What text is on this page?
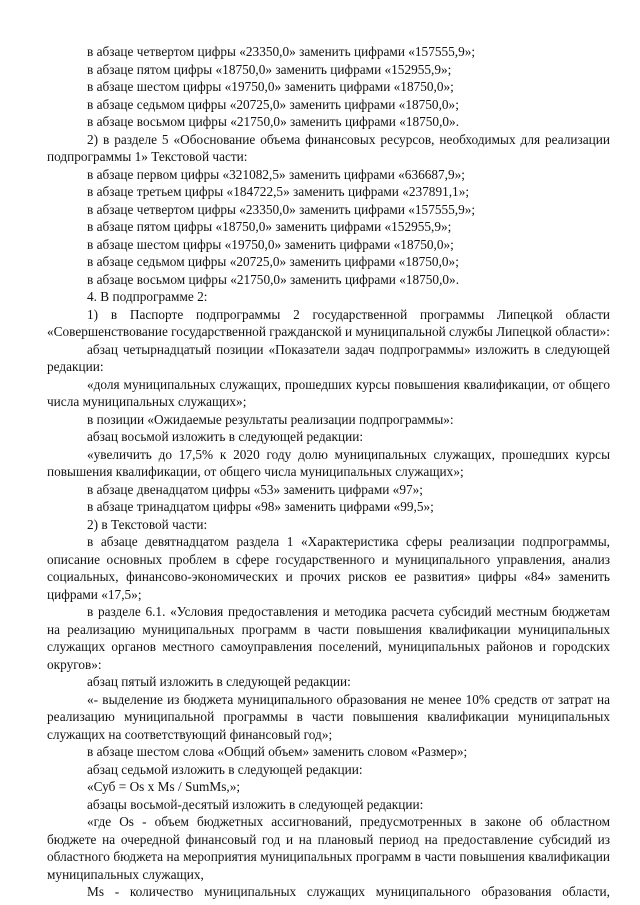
в абзаце четвертом цифры «23350,0» заменить цифрами «157555,9»;

в абзаце пятом цифры «18750,0» заменить цифрами «152955,9»;

в абзаце шестом цифры «19750,0» заменить цифрами «18750,0»;

в абзаце седьмом цифры «20725,0» заменить цифрами «18750,0»;

в абзаце восьмом цифры «21750,0» заменить цифрами «18750,0».

2) в разделе 5 «Обоснование объема финансовых ресурсов, необходимых для реализации подпрограммы 1» Текстовой части:

в абзаце первом цифры «321082,5» заменить цифрами «636687,9»;

в абзаце третьем цифры «184722,5» заменить цифрами «237891,1»;

в абзаце четвертом цифры «23350,0» заменить цифрами «157555,9»;

в абзаце пятом цифры «18750,0» заменить цифрами «152955,9»;

в абзаце шестом цифры «19750,0» заменить цифрами «18750,0»;

в абзаце седьмом цифры «20725,0» заменить цифрами «18750,0»;

в абзаце восьмом цифры «21750,0» заменить цифрами «18750,0».

4. В подпрограмме 2:

1) в Паспорте подпрограммы 2 государственной программы Липецкой области «Совершенствование государственной гражданской и муниципальной службы Липецкой области»:

абзац четырнадцатый позиции «Показатели задач подпрограммы» изложить в следующей редакции:

«доля муниципальных служащих, прошедших курсы повышения квалификации, от общего числа муниципальных служащих»;

в позиции «Ожидаемые результаты реализации подпрограммы»:

абзац восьмой изложить в следующей редакции:

«увеличить до 17,5% к 2020 году долю муниципальных служащих, прошедших курсы повышения квалификации, от общего числа муниципальных служащих»;

в абзаце двенадцатом цифры «53» заменить цифрами «97»;

в абзаце тринадцатом цифры «98» заменить цифрами «99,5»;

2) в Текстовой части:

в абзаце девятнадцатом раздела 1 «Характеристика сферы реализации подпрограммы, описание основных проблем в сфере государственного и муниципального управления, анализ социальных, финансово-экономических и прочих рисков ее развития» цифры «84» заменить цифрами «17,5»;

в разделе 6.1. «Условия предоставления и методика расчета субсидий местным бюджетам на реализацию муниципальных программ в части повышения квалификации муниципальных служащих органов местного самоуправления поселений, муниципальных районов и городских округов»:

абзац пятый изложить в следующей редакции:

«- выделение из бюджета муниципального образования не менее 10% средств от затрат на реализацию муниципальной программы в части повышения квалификации муниципальных служащих на соответствующий финансовый год»;

в абзаце шестом слова «Общий объем» заменить словом «Размер»;

абзац седьмой изложить в следующей редакции:

«Суб = Os x Ms / SumMs,»;

абзацы восьмой-десятый изложить в следующей редакции:

«где Os - объем бюджетных ассигнований, предусмотренных в законе об областном бюджете на очередной финансовый год и на плановый период на предоставление субсидий из областного бюджета на мероприятия муниципальных программ в части повышения квалификации муниципальных служащих,

Ms - количество муниципальных служащих муниципального образования области,
